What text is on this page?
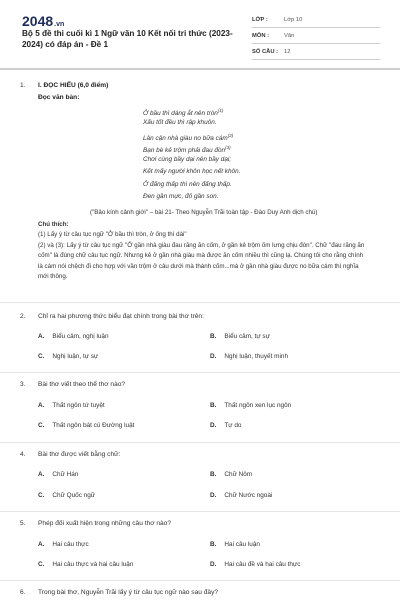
2048.vn
Bộ 5 đề thi cuối kì 1 Ngữ văn 10 Kết nối tri thức (2023-2024) có đáp án - Đề 1
LỚP :	Lớp 10
MÔN :	Văn
SỐ CÂU :	12
1. I. ĐỌC HIỂU (6,0 điểm)
Đọc văn bản:
Ở bầu thì dáng ắt nên tròn$^{(1)}$
Xấu tốt đều thì rập khuôn.
Lân cận nhà giàu no bữa cám$^{(2)}$
Bạn bè kẻ trộm phải đau đòn$^{(3)}$
Chơi cùng bầy dại nên bầy dại;
Kết mấy người khôn học nết khôn.
Ở đấng thấp thì nên đấng thấp.
Đen gần mực, đỏ gần son.
("Bảo kính cảnh giới" – bài 21- Theo Nguyễn Trãi toàn tập - Đào Duy Anh dịch chú)
Chú thích:
(1) Lấy ý từ câu tục ngữ "Ở bầu thì tròn, ở ống thì dài"
(2) và (3): Lấy ý từ câu tục ngữ "Ở gần nhà giàu đau răng ăn cốm, ở gần kẻ trộm ốm lưng chịu đòn". Chữ "đau răng ăn cốm" là đúng chữ câu tục ngữ. Nhưng kẻ ở gần nhà giàu mà được ăn cốm nhiều thì cũng lạ. Chúng tôi cho rằng chính là cám nói chệch đi cho hợp với vần trộm ở câu dưới mà thành cốm...mà ở gần nhà giàu được no bữa cám thì nghĩa mới thông.
2. Chỉ ra hai phương thức biểu đạt chính trong bài thơ trên:
A. Biểu cảm, nghị luận	B. Biểu cảm, tự sự
C. Nghị luận, tự sự	D. Nghị luận, thuyết minh
3. Bài thơ viết theo thể thơ nào?
A. Thất ngôn tứ tuyệt	B. Thất ngôn xen lục ngôn
C. Thất ngôn bát cú Đường luật	D. Tự do
4. Bài thơ được viết bằng chữ:
A. Chữ Hán	B. Chữ Nôm
C. Chữ Quốc ngữ	D. Chữ Nước ngoài
5. Phép đối xuất hiện trong những câu thơ nào?
A. Hai câu thực	B. Hai câu luận
C. Hai câu thực và hai câu luận	D. Hai câu đề và hai câu thực
6. Trong bài thơ, Nguyễn Trãi lấy ý từ câu tục ngữ nào sau đây?
